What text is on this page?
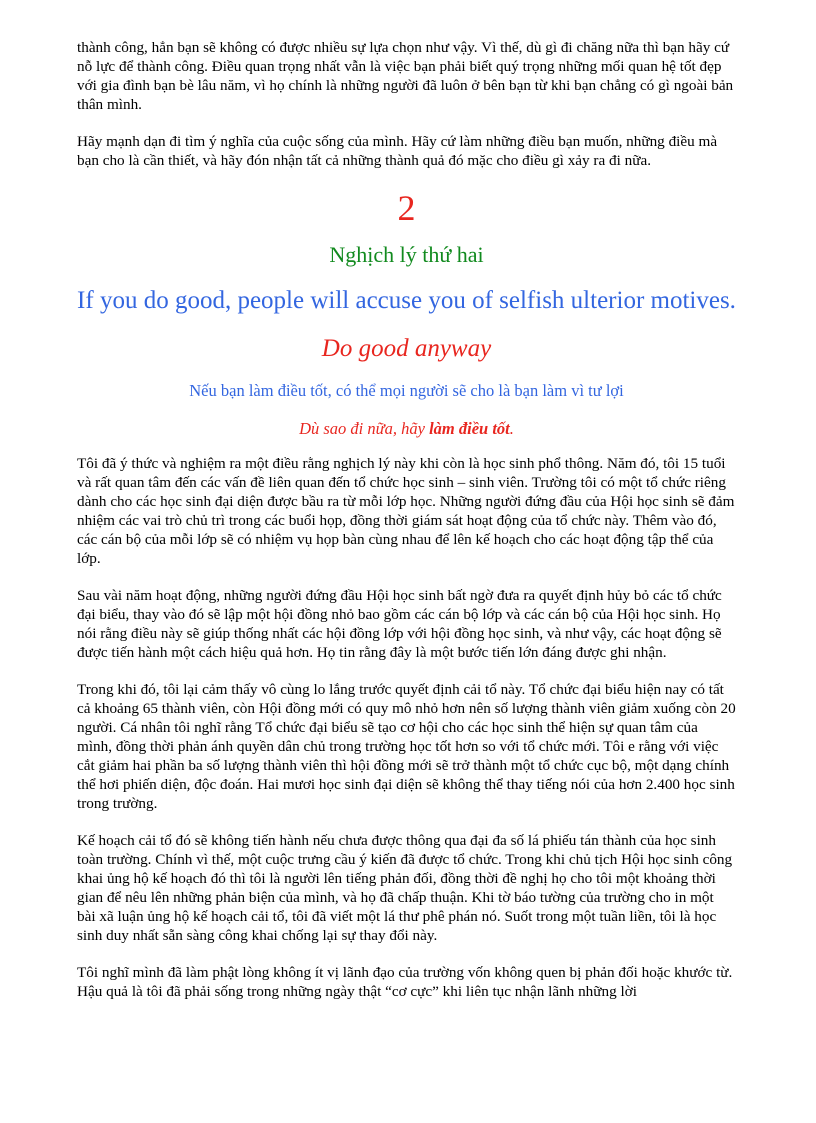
thành công, hẳn bạn sẽ không có được nhiều sự lựa chọn như vậy. Vì thế, dù gì đi chăng nữa thì bạn hãy cứ nỗ lực để thành công. Điều quan trọng nhất vẫn là việc bạn phải biết quý trọng những mối quan hệ tốt đẹp với gia đình bạn bè lâu năm, vì họ chính là những người đã luôn ở bên bạn từ khi bạn chẳng có gì ngoài bản thân mình.

Hãy mạnh dạn đi tìm ý nghĩa của cuộc sống của mình. Hãy cứ làm những điều bạn muốn, những điều mà bạn cho là cần thiết, và hãy đón nhận tất cả những thành quả đó mặc cho điều gì xảy ra đi nữa.

2
Nghịch lý thứ hai
If you do good, people will accuse you of selfish ulterior motives.
Do good anyway
Nếu bạn làm điều tốt, có thể mọi người sẽ cho là bạn làm vì tư lợi
Dù sao đi nữa, hãy làm điều tốt.

Tôi đã ý thức và nghiệm ra một điều rằng nghịch lý này khi còn là học sinh phổ thông. Năm đó, tôi 15 tuổi và rất quan tâm đến các vấn đề liên quan đến tổ chức học sinh – sinh viên. Trường tôi có một tổ chức riêng dành cho các học sinh đại diện được bầu ra từ mỗi lớp học. Những người đứng đầu của Hội học sinh sẽ đảm nhiệm các vai trò chủ trì trong các buổi họp, đồng thời giám sát hoạt động của tổ chức này. Thêm vào đó, các cán bộ của mỗi lớp sẽ có nhiệm vụ họp bàn cùng nhau để lên kế hoạch cho các hoạt động tập thể của lớp.

Sau vài năm hoạt động, những người đứng đầu Hội học sinh bất ngờ đưa ra quyết định hủy bỏ các tổ chức đại biểu, thay vào đó sẽ lập một hội đồng nhỏ bao gồm các cán bộ lớp và các cán bộ của Hội học sinh. Họ nói rằng điều này sẽ giúp thống nhất các hội đồng lớp với hội đồng học sinh, và như vậy, các hoạt động sẽ được tiến hành một cách hiệu quả hơn. Họ tin rằng đây là một bước tiến lớn đáng được ghi nhận.

Trong khi đó, tôi lại cảm thấy vô cùng lo lắng trước quyết định cải tổ này. Tổ chức đại biểu hiện nay có tất cả khoảng 65 thành viên, còn Hội đồng mới có quy mô nhỏ hơn nên số lượng thành viên giảm xuống còn 20 người. Cá nhân tôi nghĩ rằng Tổ chức đại biểu sẽ tạo cơ hội cho các học sinh thể hiện sự quan tâm của mình, đồng thời phản ánh quyền dân chủ trong trường học tốt hơn so với tổ chức mới. Tôi e rằng với việc cắt giảm hai phần ba số lượng thành viên thì hội đồng mới sẽ trở thành một tổ chức cục bộ, một dạng chính thể hơi phiến diện, độc đoán. Hai mươi học sinh đại diện sẽ không thể thay tiếng nói của hơn 2.400 học sinh trong trường.

Kế hoạch cải tổ đó sẽ không tiến hành nếu chưa được thông qua đại đa số lá phiếu tán thành của học sinh toàn trường. Chính vì thế, một cuộc trưng cầu ý kiến đã được tổ chức. Trong khi chủ tịch Hội học sinh công khai ủng hộ kế hoạch đó thì tôi là người lên tiếng phản đối, đồng thời đề nghị họ cho tôi một khoảng thời gian để nêu lên những phản biện của mình, và họ đã chấp thuận. Khi tờ báo tường của trường cho in một bài xã luận ủng hộ kế hoạch cải tổ, tôi đã viết một lá thư phê phán nó. Suốt trong một tuần liền, tôi là học sinh duy nhất sẵn sàng công khai chống lại sự thay đổi này.

Tôi nghĩ mình đã làm phật lòng không ít vị lãnh đạo của trường vốn không quen bị phản đối hoặc khước từ. Hậu quả là tôi đã phải sống trong những ngày thật “cơ cực” khi liên tục nhận lãnh những lời
